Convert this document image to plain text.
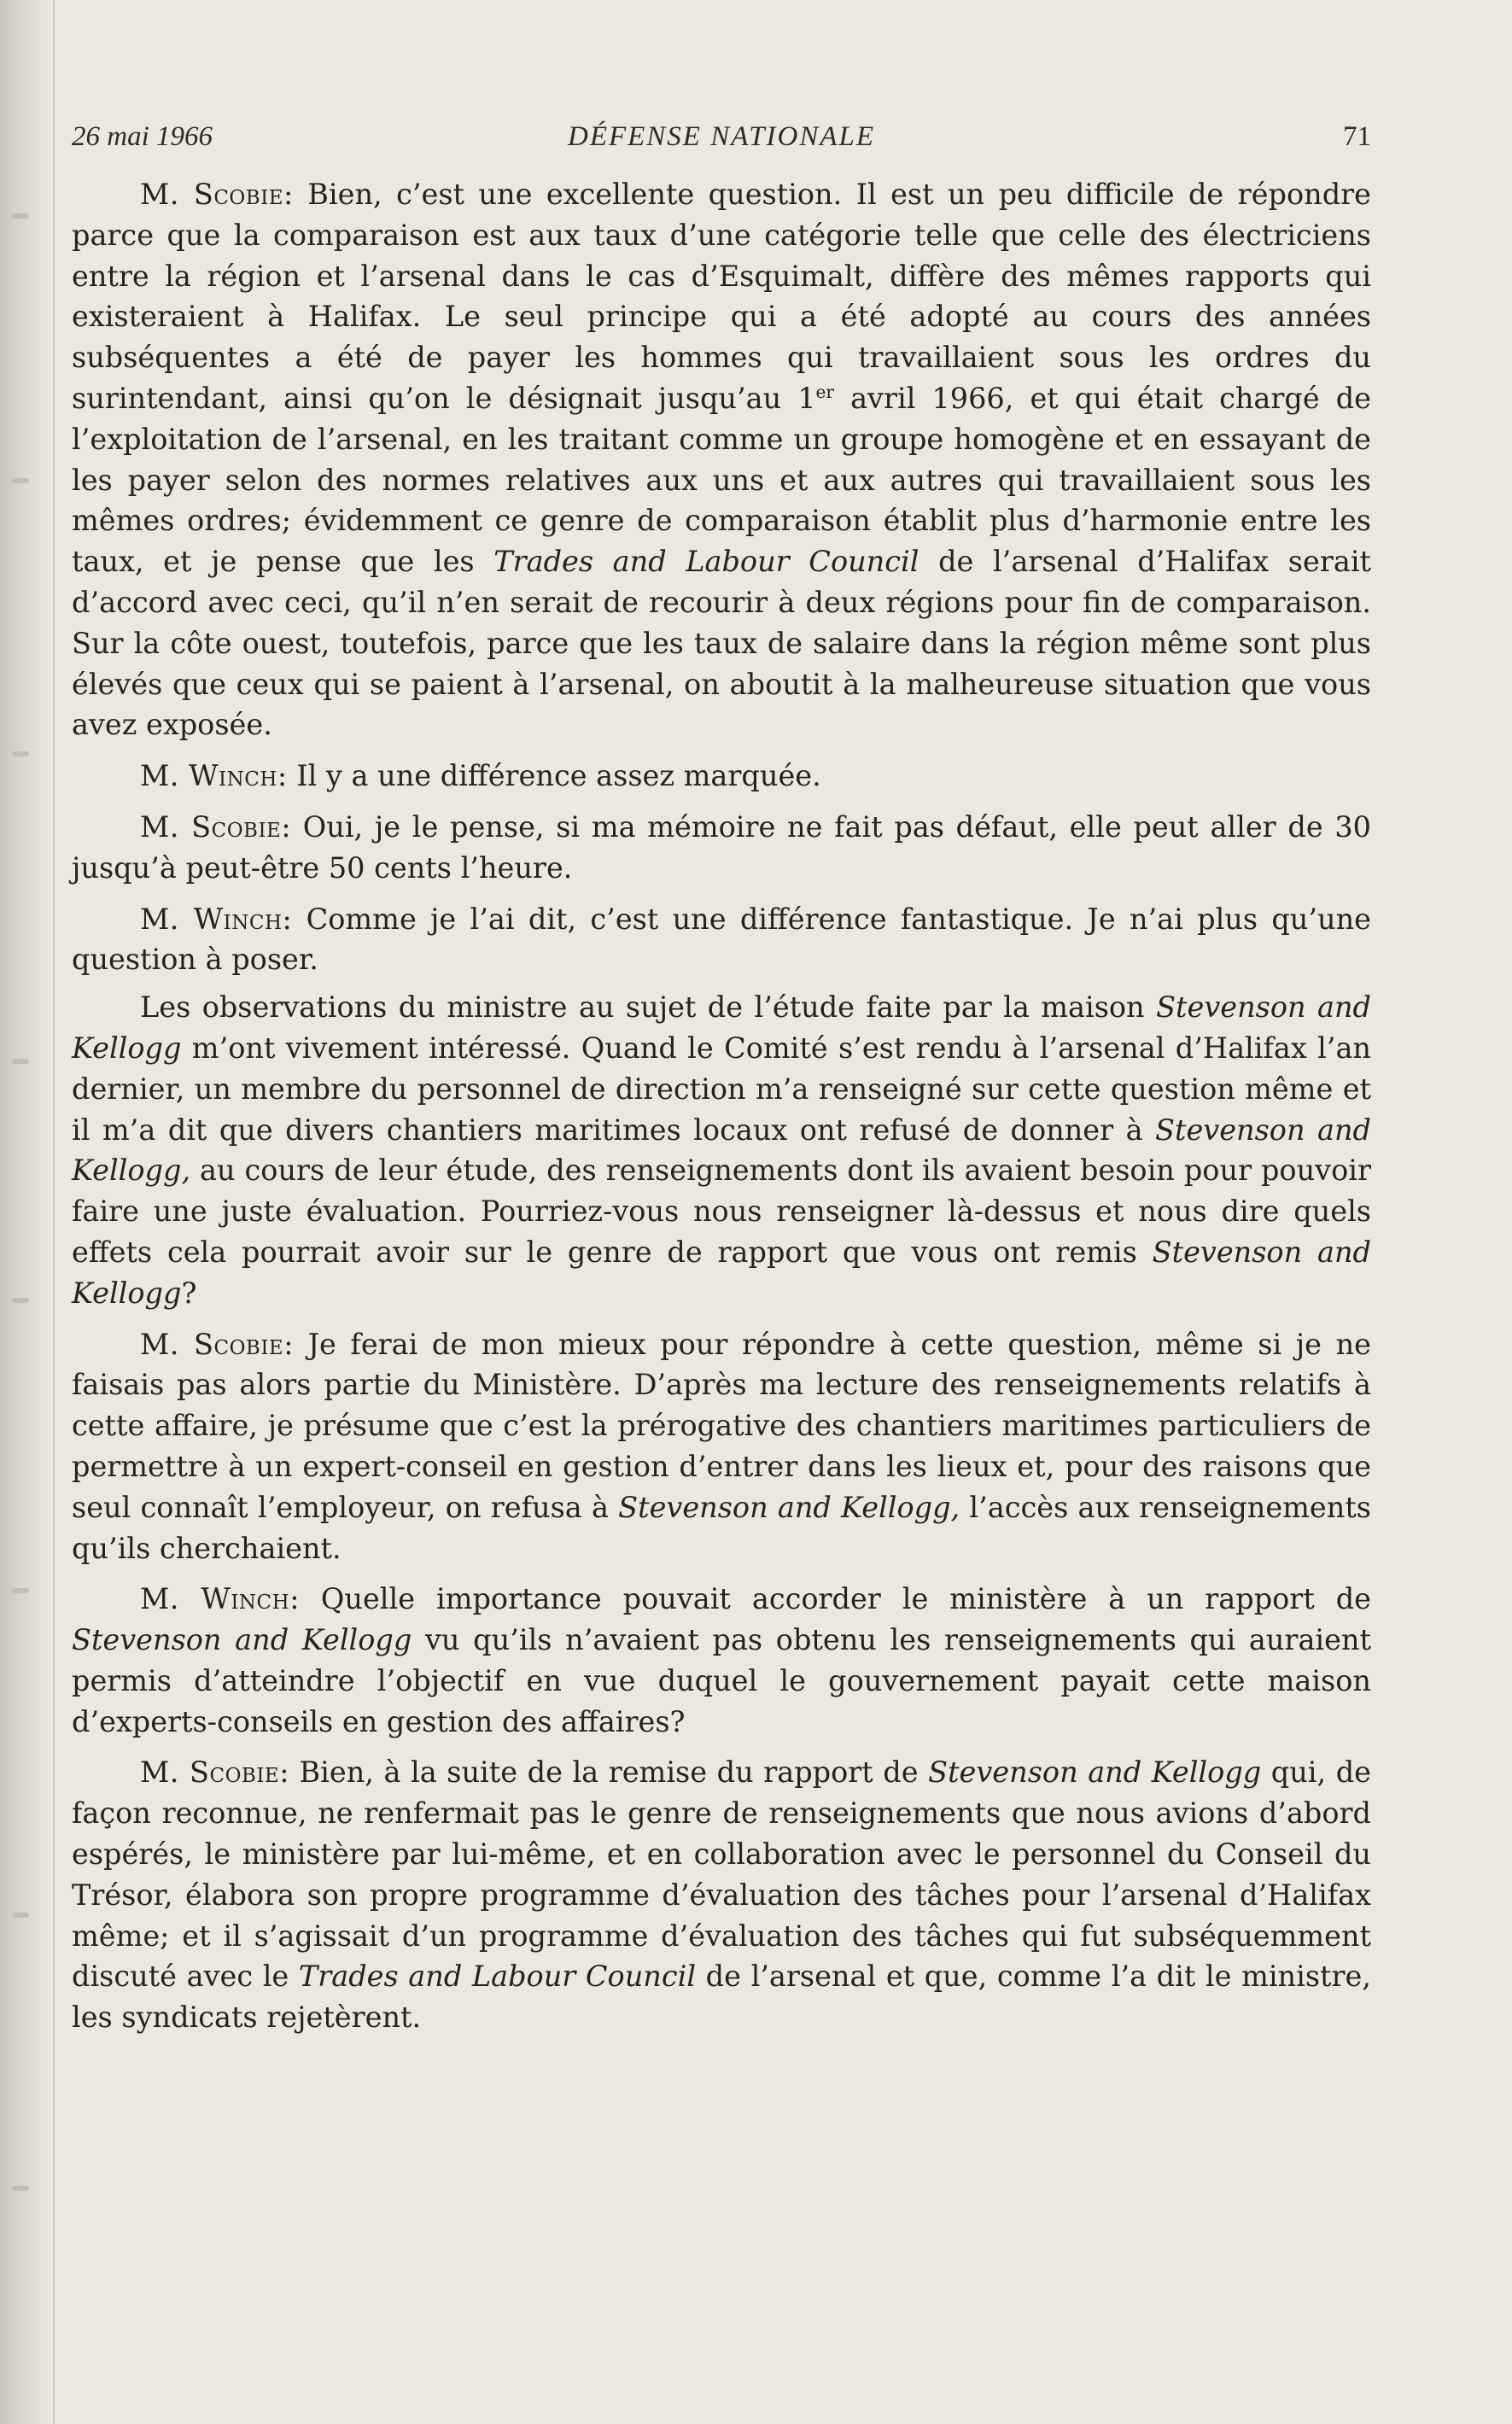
26 mai 1966	DÉFENSE NATIONALE	71

M. Scobie: Bien, c’est une excellente question. Il est un peu difficile de répondre parce que la comparaison est aux taux d’une catégorie telle que celle des électriciens entre la région et l’arsenal dans le cas d’Esquimalt, diffère des mêmes rapports qui existeraient à Halifax. Le seul principe qui a été adopté au cours des années subséquentes a été de payer les hommes qui travaillaient sous les ordres du surintendant, ainsi qu’on le désignait jusqu’au 1er avril 1966, et qui était chargé de l’exploitation de l’arsenal, en les traitant comme un groupe homogène et en essayant de les payer selon des normes relatives aux uns et aux autres qui travaillaient sous les mêmes ordres; évidemment ce genre de comparaison établit plus d’harmonie entre les taux, et je pense que les Trades and Labour Council de l’arsenal d’Halifax serait d’accord avec ceci, qu’il n’en serait de recourir à deux régions pour fin de comparaison. Sur la côte ouest, toutefois, parce que les taux de salaire dans la région même sont plus élevés que ceux qui se paient à l’arsenal, on aboutit à la malheureuse situation que vous avez exposée.

M. Winch: Il y a une différence assez marquée.

M. Scobie: Oui, je le pense, si ma mémoire ne fait pas défaut, elle peut aller de 30 jusqu’à peut-être 50 cents l’heure.

M. Winch: Comme je l’ai dit, c’est une différence fantastique. Je n’ai plus qu’une question à poser.

Les observations du ministre au sujet de l’étude faite par la maison Stevenson and Kellogg m’ont vivement intéressé. Quand le Comité s’est rendu à l’arsenal d’Halifax l’an dernier, un membre du personnel de direction m’a renseigné sur cette question même et il m’a dit que divers chantiers maritimes locaux ont refusé de donner à Stevenson and Kellogg, au cours de leur étude, des renseignements dont ils avaient besoin pour pouvoir faire une juste évaluation. Pourriez-vous nous renseigner là-dessus et nous dire quels effets cela pourrait avoir sur le genre de rapport que vous ont remis Stevenson and Kellogg?

M. Scobie: Je ferai de mon mieux pour répondre à cette question, même si je ne faisais pas alors partie du Ministère. D’après ma lecture des renseignements relatifs à cette affaire, je présume que c’est la prérogative des chantiers maritimes particuliers de permettre à un expert-conseil en gestion d’entrer dans les lieux et, pour des raisons que seul connaît l’employeur, on refusa à Stevenson and Kellogg, l’accès aux renseignements qu’ils cherchaient.

M. Winch: Quelle importance pouvait accorder le ministère à un rapport de Stevenson and Kellogg vu qu’ils n’avaient pas obtenu les renseignements qui auraient permis d’atteindre l’objectif en vue duquel le gouvernement payait cette maison d’experts-conseils en gestion des affaires?

M. Scobie: Bien, à la suite de la remise du rapport de Stevenson and Kellogg qui, de façon reconnue, ne renfermait pas le genre de renseignements que nous avions d’abord espérés, le ministère par lui-même, et en collaboration avec le personnel du Conseil du Trésor, élabora son propre programme d’évaluation des tâches pour l’arsenal d’Halifax même; et il s’agissait d’un programme d’évaluation des tâches qui fut subséquemment discuté avec le Trades and Labour Council de l’arsenal et que, comme l’a dit le ministre, les syndicats rejetèrent.
